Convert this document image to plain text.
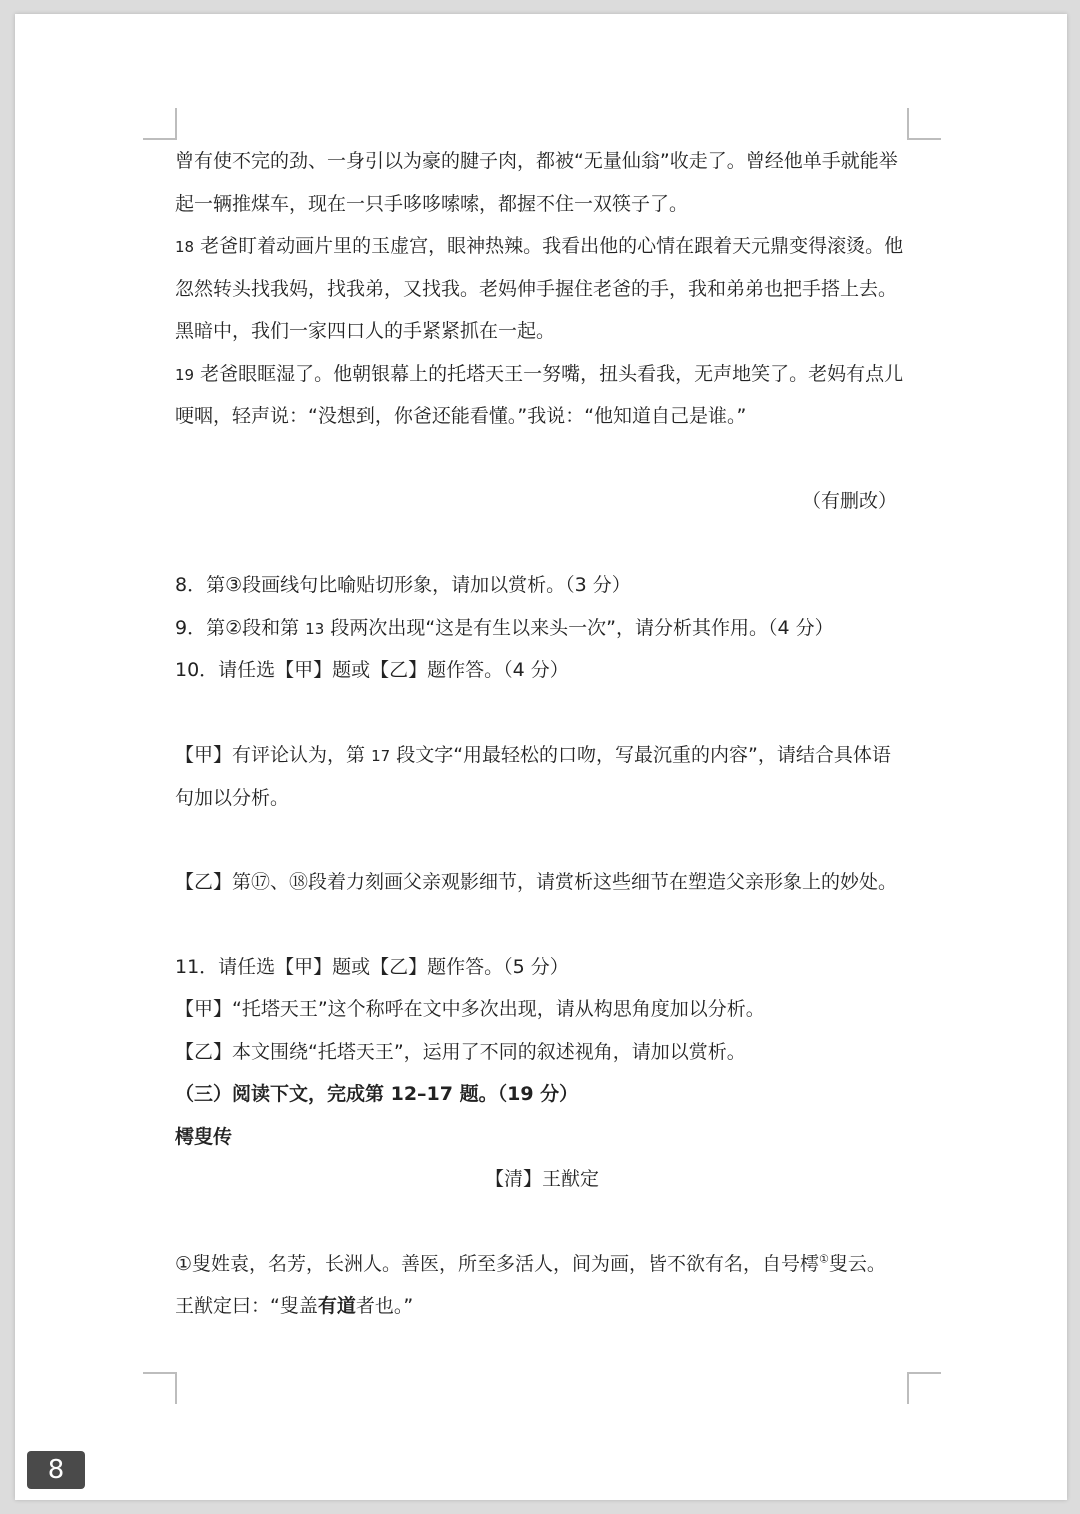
曾有使不完的劲、一身引以为豪的腱子肉，都被“无量仙翁”收走了。曾经他单手就能举
起一辆推煤车，现在一只手哆哆嗦嗦，都握不住一双筷子了。
18 老爸盯着动画片里的玉虚宫，眼神热辣。我看出他的心情在跟着天元鼎变得滚烫。他
忽然转头找我妈，找我弟，又找我。老妈伸手握住老爸的手，我和弟弟也把手搭上去。
黑暗中，我们一家四口人的手紧紧抓在一起。
19 老爸眼眶湿了。他朝银幕上的托塔天王一努嘴，扭头看我，无声地笑了。老妈有点儿
哽咽，轻声说：“没想到，你爸还能看懂。”我说：“他知道自己是谁。”
（有删改）
8．第③段画线句比喻贴切形象，请加以赏析。（3 分）
9．第②段和第 13 段两次出现“这是有生以来头一次”，请分析其作用。（4 分）
10．请任选【甲】题或【乙】题作答。（4 分）
【甲】有评论认为，第 17 段文字“用最轻松的口吻，写最沉重的内容”，请结合具体语
句加以分析。
【乙】第⑰、⑱段着力刻画父亲观影细节，请赏析这些细节在塑造父亲形象上的妙处。
11．请任选【甲】题或【乙】题作答。（5 分）
【甲】“托塔天王”这个称呼在文中多次出现，请从构思角度加以分析。
【乙】本文围绕“托塔天王”，运用了不同的叙述视角，请加以赏析。
（三）阅读下文，完成第 12–17 题。（19 分）
樗叟传
【清】王猷定
①叟姓袁，名芳，长洲人。善医，所至多活人，间为画，皆不欲有名，自号樗①叟云。
王猷定曰：“叟盖有道者也。”
8
